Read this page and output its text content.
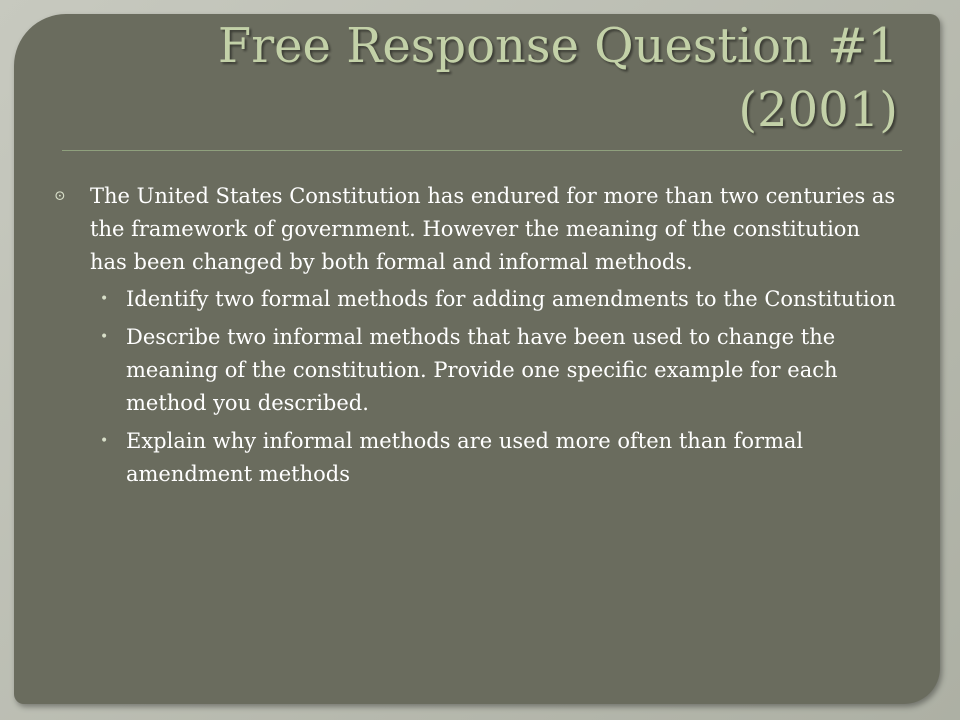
Free Response Question #1
(2001)
⊙ The United States Constitution has endured for more than two centuries as the framework of government. However the meaning of the constitution has been changed by both formal and informal methods.
• Identify two formal methods for adding amendments to the Constitution
• Describe two informal methods that have been used to change the meaning of the constitution. Provide one specific example for each method you described.
• Explain why informal methods are used more often than formal amendment methods
